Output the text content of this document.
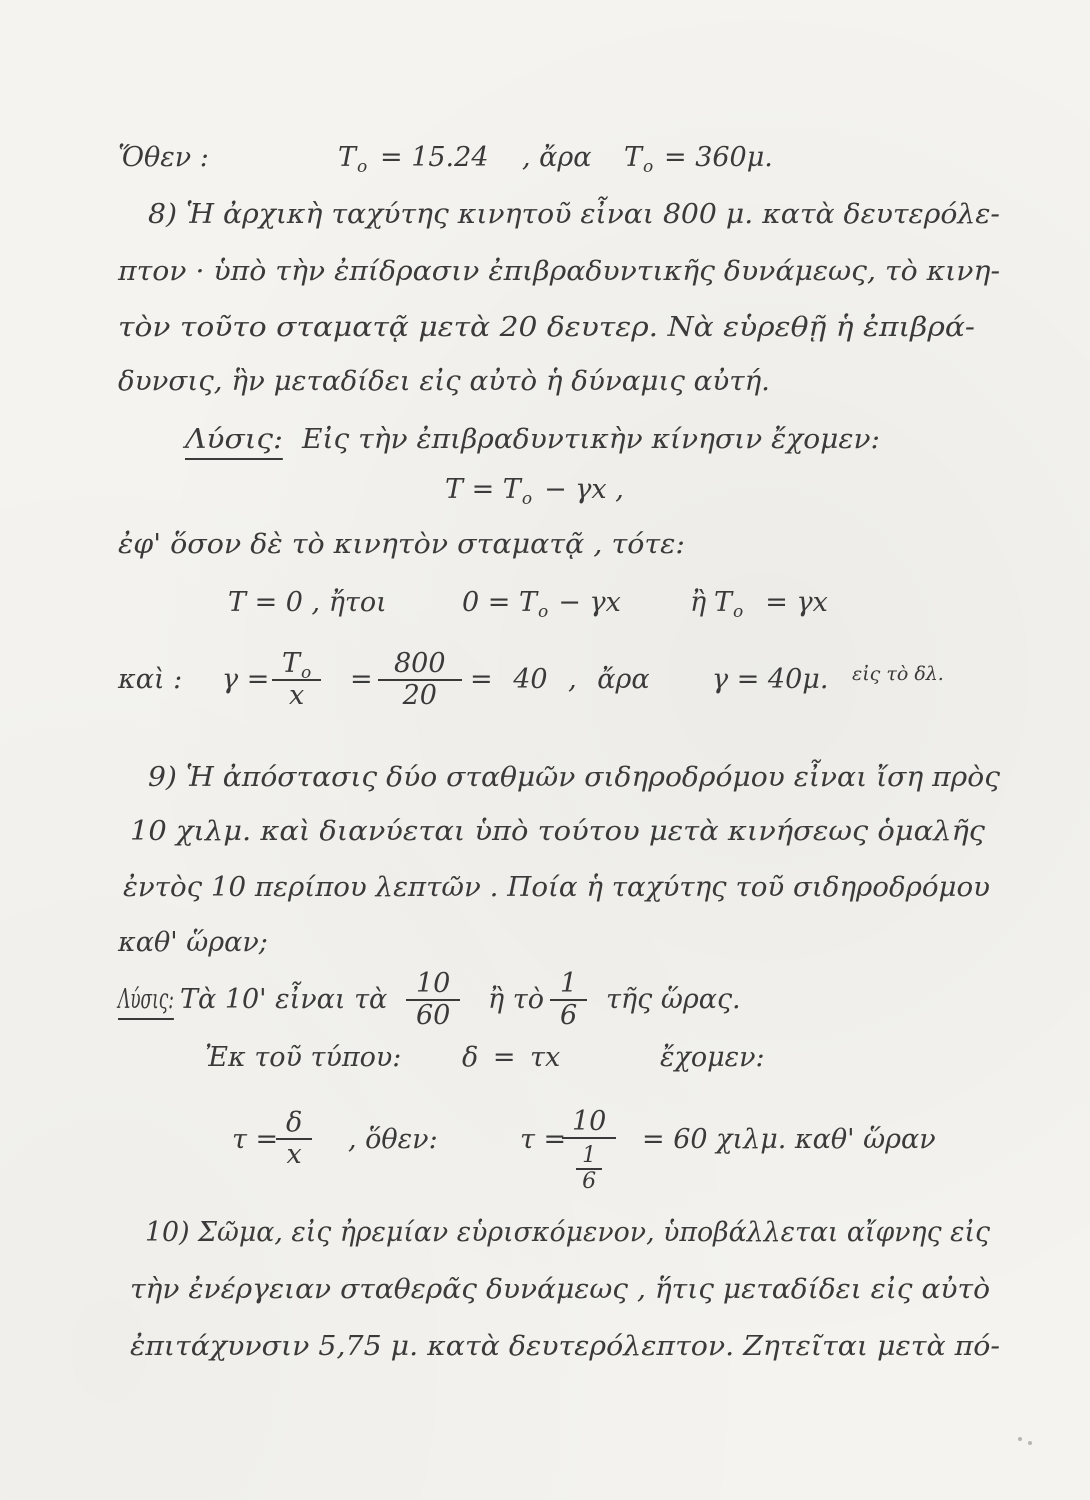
Ὅθεν :	$T_o = 15.24$ , ἄρα $T_o = 360\mu$.
8) Ἡ ἀρχικὴ ταχύτης κινητοῦ εἶναι 800 μ. κατὰ δευτερόλε-
πτον · ὑπὸ τὴν ἐπίδρασιν ἐπιβραδυντικῆς δυνάμεως, τὸ κινη-
τὸν τοῦτο σταματᾷ μετὰ 20 δευτερ. Νὰ εὑρεθῇ ἡ ἐπιβρά-
δυνσις, ἣν μεταδίδει εἰς αὐτὸ ἡ δύναμις αὐτή.
Λύσις: Εἰς τὴν ἐπιβραδυντικὴν κίνησιν ἔχομεν:
$T = T_o - \gamma x$ ,
ἐφ' ὅσον δὲ τὸ κινητὸν σταματᾷ , τότε:
T = 0 , ἤτοι	$0 = T_o - \gamma x$	ἢ $T_o = \gamma x$
καὶ : γ =
$T_o$
x
=
800
20
= 40 , ἄρα γ = 40μ. εἰς τὸ δλ.
9) Ἡ ἀπόστασις δύο σταθμῶν σιδηροδρόμου εἶναι ἴση πρὸς
10 χιλμ. καὶ διανύεται ὑπὸ τούτου μετὰ κινήσεως ὁμαλῆς
ἐντὸς 10 περίπου λεπτῶν . Ποία ἡ ταχύτης τοῦ σιδηροδρόμου
καθ' ὥραν;
Λύσις: Τὰ 10' εἶναι τὰ
10
60
ἢ τὸ
1
6
τῆς ὥρας.
Ἐκ τοῦ τύπου: δ = τx	ἔχομεν:
τ =
δ
x	, ὅθεν:	τ =
10
$\frac{1}{6}$
= 60 χιλμ. καθ' ὥραν
10) Σῶμα, εἰς ἠρεμίαν εὑρισκόμενον, ὑποβάλλεται αἴφνης εἰς
τὴν ἐνέργειαν σταθερᾶς δυνάμεως , ἥτις μεταδίδει εἰς αὐτὸ
ἐπιτάχυνσιν 5,75 μ. κατὰ δευτερόλεπτον. Ζητεῖται μετὰ πό-
